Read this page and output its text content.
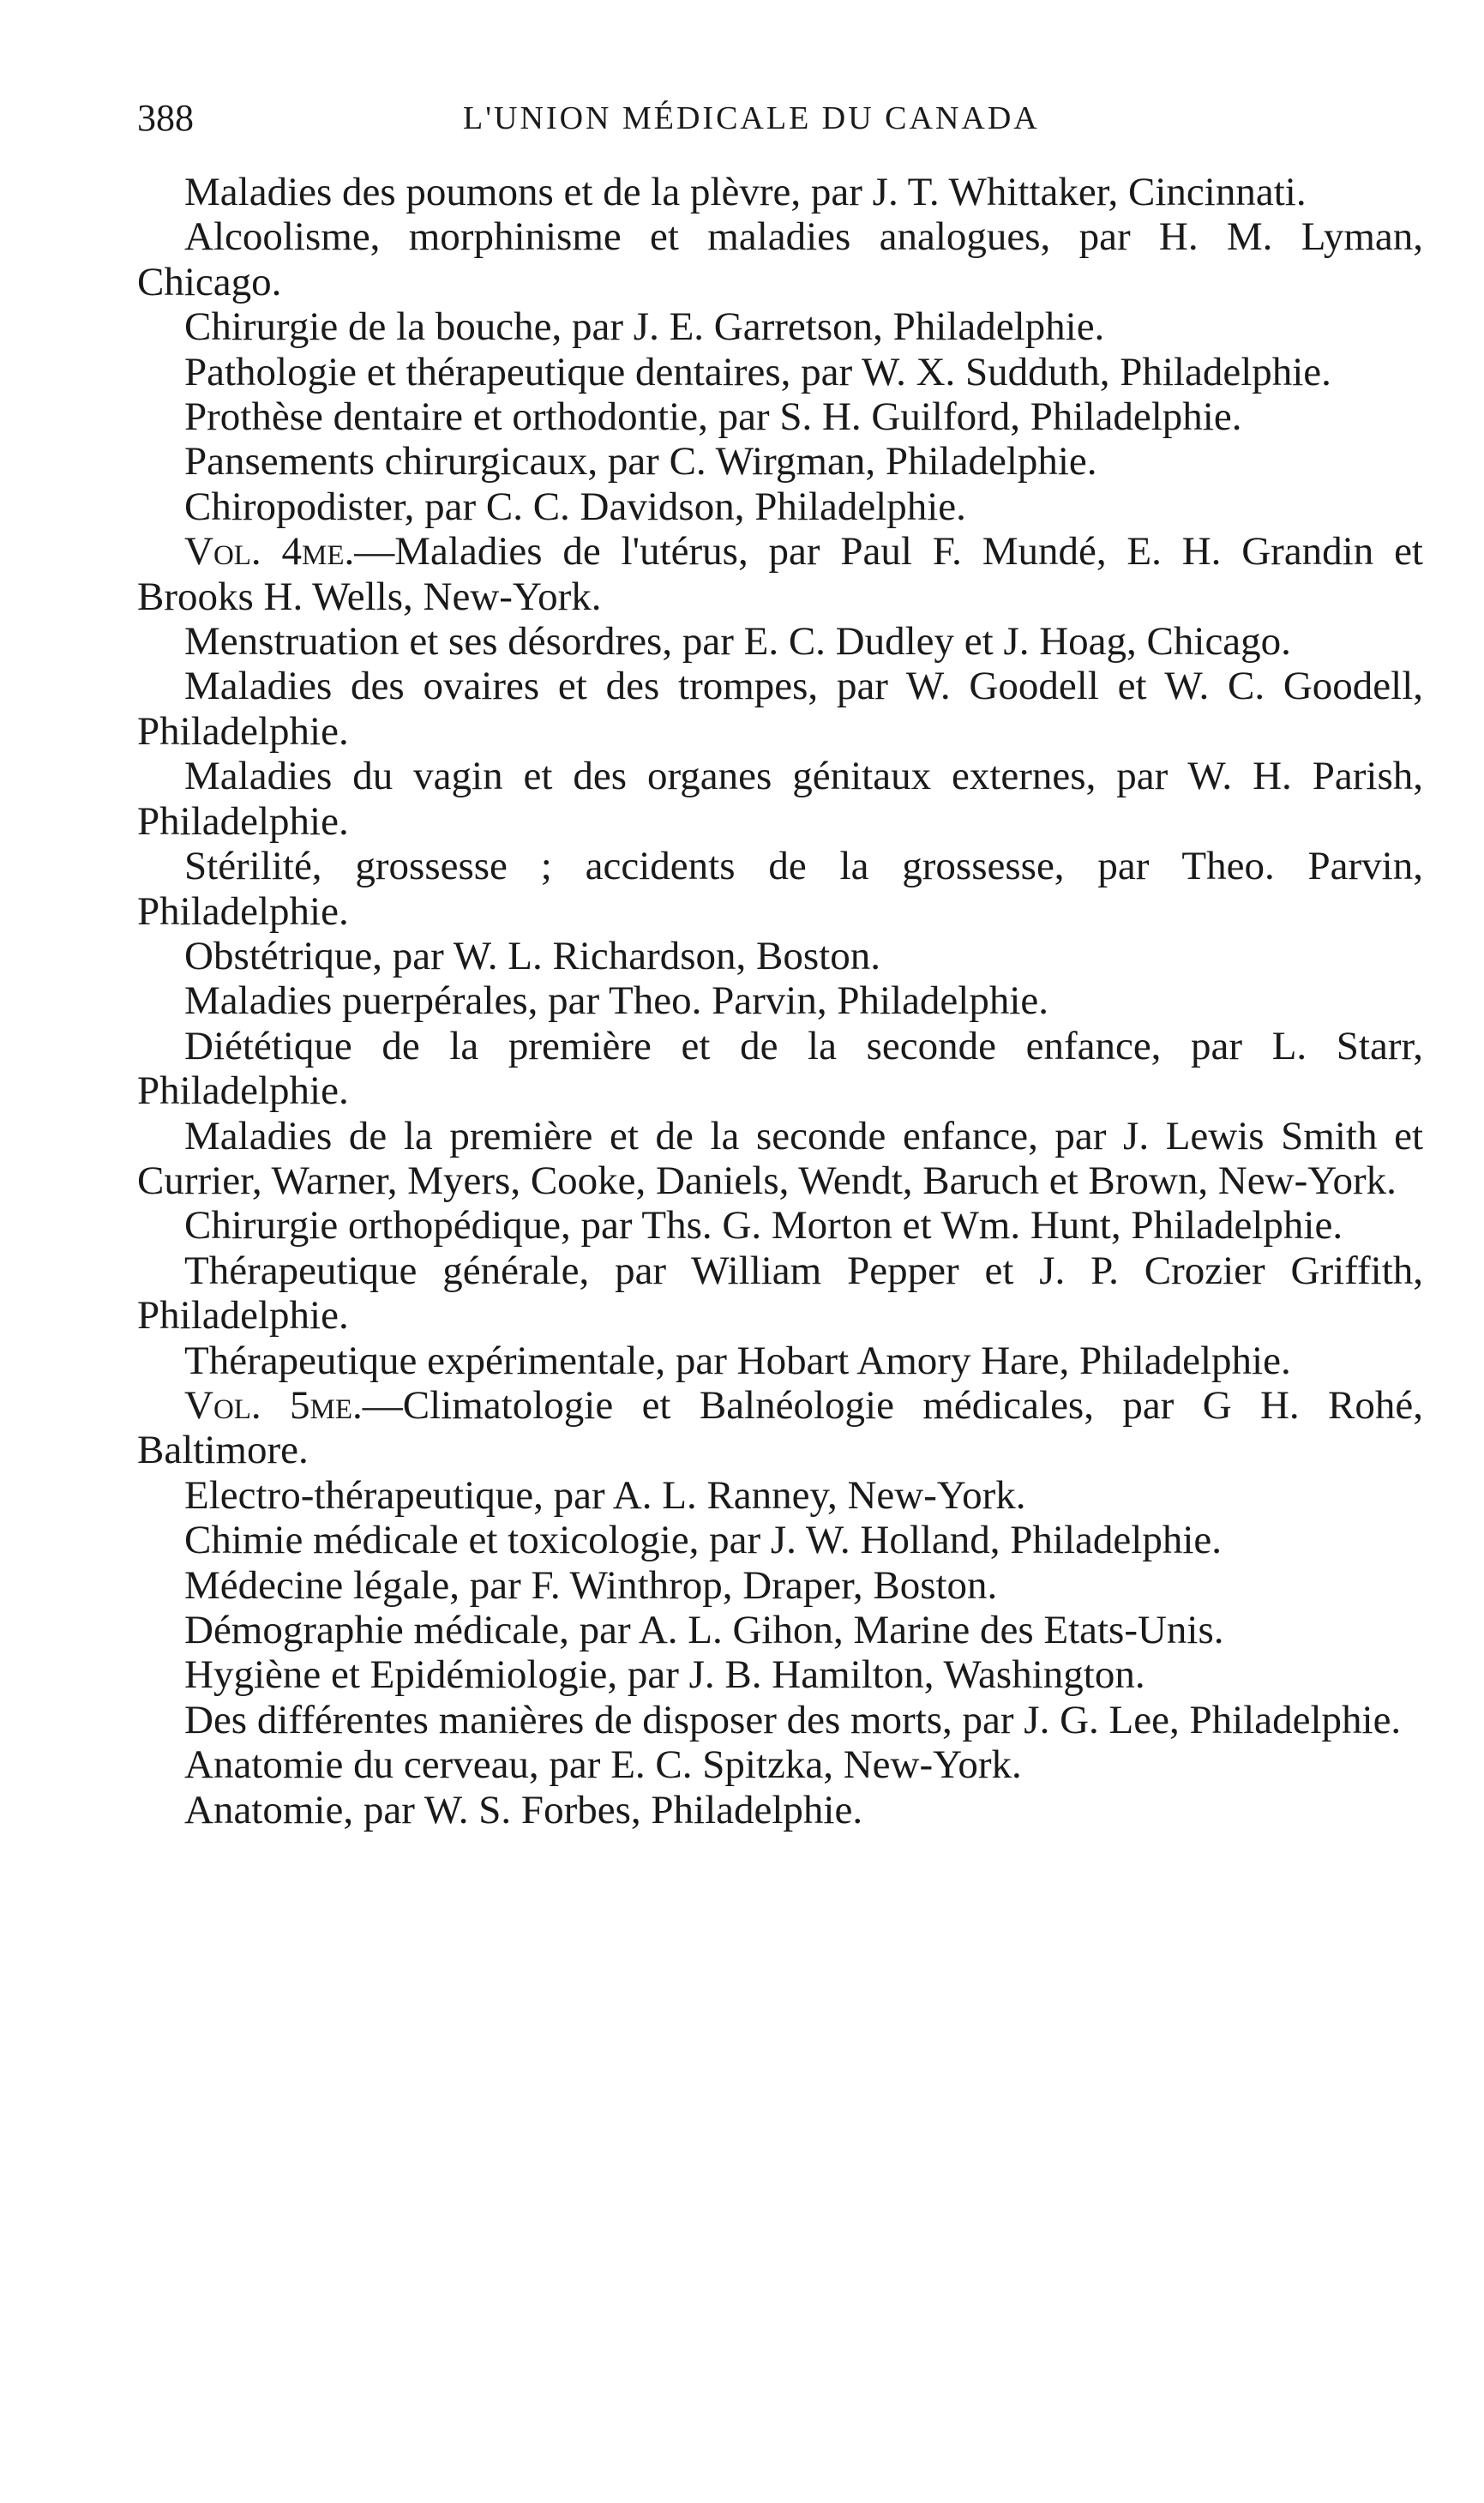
388	L'UNION MÉDICALE DU CANADA
Maladies des poumons et de la plèvre, par J. T. Whittaker, Cincinnati.
Alcoolisme, morphinisme et maladies analogues, par H. M. Lyman, Chicago.
Chirurgie de la bouche, par J. E. Garretson, Philadelphie.
Pathologie et thérapeutique dentaires, par W. X. Sudduth, Philadelphie.
Prothèse dentaire et orthodontie, par S. H. Guilford, Philadelphie.
Pansements chirurgicaux, par C. Wirgman, Philadelphie.
Chiropodister, par C. C. Davidson, Philadelphie.
Vol. 4me.—Maladies de l'utérus, par Paul F. Mundé, E. H. Grandin et Brooks H. Wells, New-York.
Menstruation et ses désordres, par E. C. Dudley et J. Hoag, Chicago.
Maladies des ovaires et des trompes, par W. Goodell et W. C. Goodell, Philadelphie.
Maladies du vagin et des organes génitaux externes, par W. H. Parish, Philadelphie.
Stérilité, grossesse ; accidents de la grossesse, par Theo. Parvin, Philadelphie.
Obstétrique, par W. L. Richardson, Boston.
Maladies puerpérales, par Theo. Parvin, Philadelphie.
Diététique de la première et de la seconde enfance, par L. Starr, Philadelphie.
Maladies de la première et de la seconde enfance, par J. Lewis Smith et Currier, Warner, Myers, Cooke, Daniels, Wendt, Baruch et Brown, New-York.
Chirurgie orthopédique, par Ths. G. Morton et Wm. Hunt, Philadelphie.
Thérapeutique générale, par William Pepper et J. P. Crozier Griffith, Philadelphie.
Thérapeutique expérimentale, par Hobart Amory Hare, Philadelphie.
Vol. 5me.—Climatologie et Balnéologie médicales, par G H. Rohé, Baltimore.
Electro-thérapeutique, par A. L. Ranney, New-York.
Chimie médicale et toxicologie, par J. W. Holland, Philadelphie.
Médecine légale, par F. Winthrop, Draper, Boston.
Démographie médicale, par A. L. Gihon, Marine des Etats-Unis.
Hygiène et Epidémiologie, par J. B. Hamilton, Washington.
Des différentes manières de disposer des morts, par J. G. Lee, Philadelphie.
Anatomie du cerveau, par E. C. Spitzka, New-York.
Anatomie, par W. S. Forbes, Philadelphie.
